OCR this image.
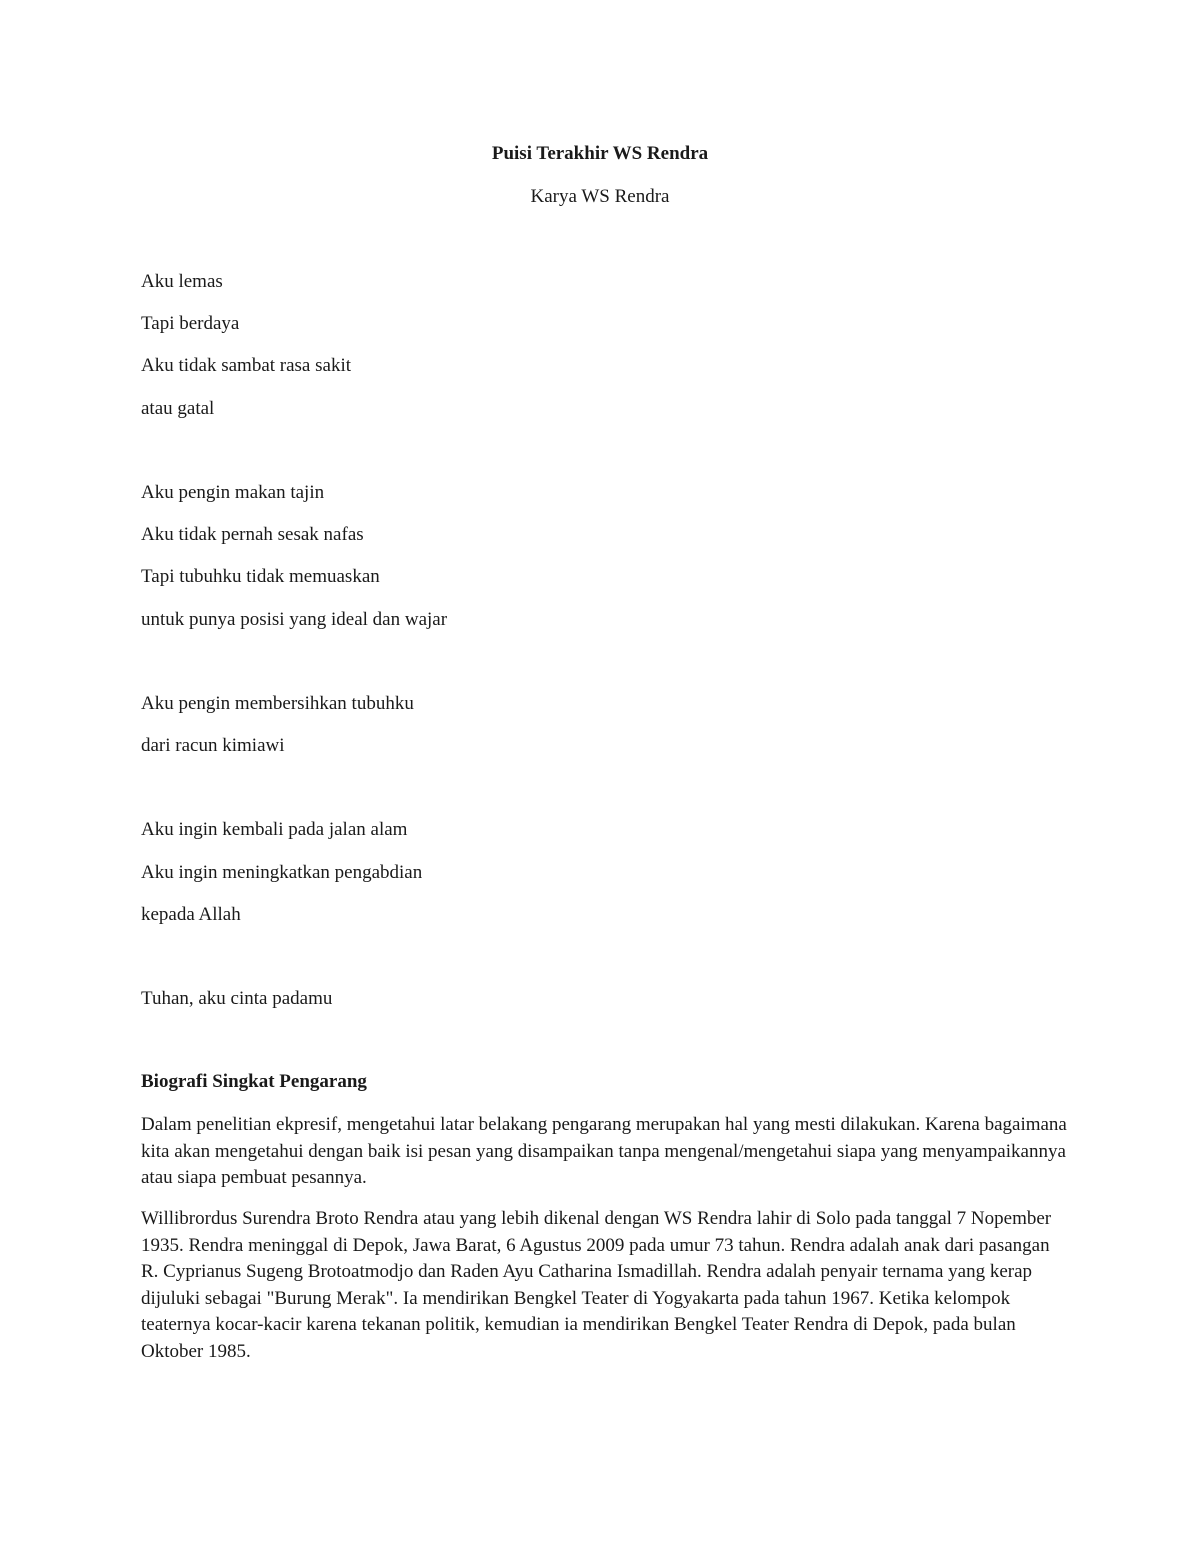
Puisi Terakhir WS Rendra
Karya WS Rendra
Aku lemas
Tapi berdaya
Aku tidak sambat rasa sakit
atau gatal
Aku pengin makan tajin
Aku tidak pernah sesak nafas
Tapi tubuhku tidak memuaskan
untuk punya posisi yang ideal dan wajar
Aku pengin membersihkan tubuhku
dari racun kimiawi
Aku ingin kembali pada jalan alam
Aku ingin meningkatkan pengabdian
kepada Allah
Tuhan, aku cinta padamu
Biografi Singkat Pengarang
Dalam penelitian ekpresif, mengetahui latar belakang pengarang merupakan hal yang mesti dilakukan. Karena bagaimana kita akan mengetahui dengan baik isi pesan yang disampaikan tanpa mengenal/mengetahui siapa yang menyampaikannya atau siapa pembuat pesannya.
Willibrordus Surendra Broto Rendra atau yang lebih dikenal dengan WS Rendra lahir di Solo pada tanggal 7 Nopember 1935. Rendra meninggal di Depok, Jawa Barat, 6 Agustus 2009 pada umur 73 tahun. Rendra adalah anak dari pasangan R. Cyprianus Sugeng Brotoatmodjo dan Raden Ayu Catharina Ismadillah. Rendra adalah penyair ternama yang kerap dijuluki sebagai "Burung Merak". Ia mendirikan Bengkel Teater di Yogyakarta pada tahun 1967. Ketika kelompok teaternya kocar-kacir karena tekanan politik, kemudian ia mendirikan Bengkel Teater Rendra di Depok, pada bulan Oktober 1985.
